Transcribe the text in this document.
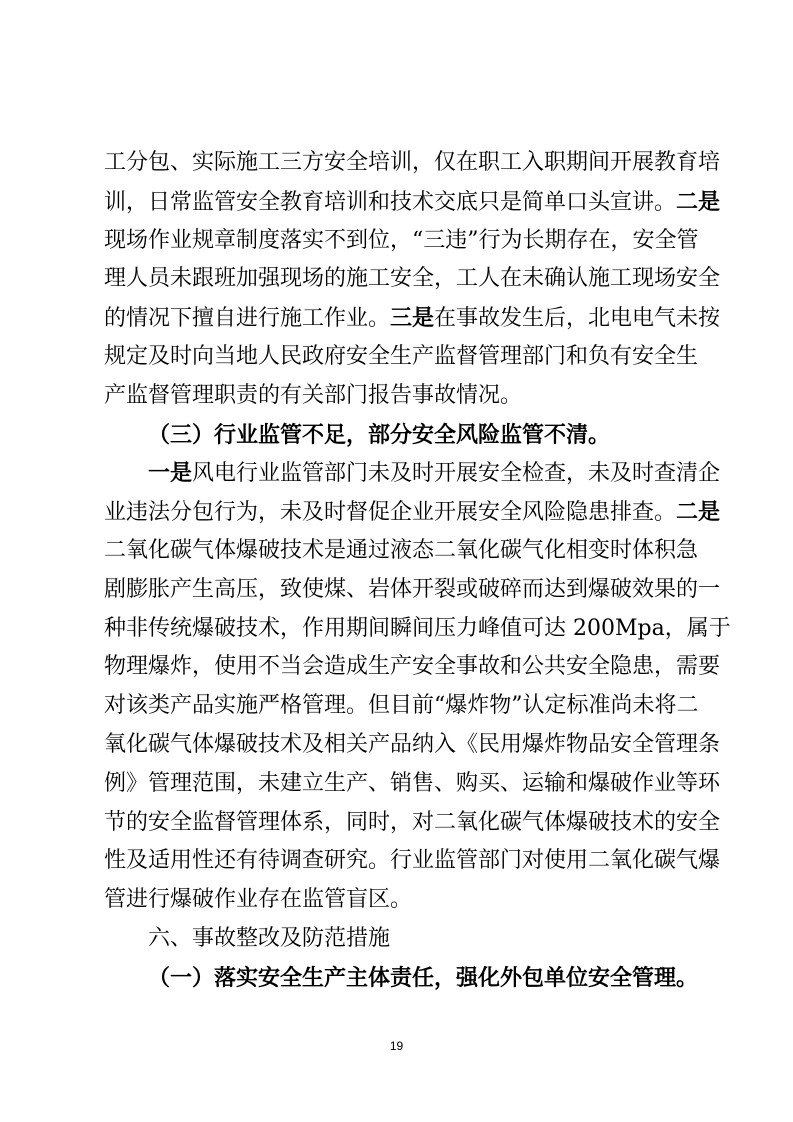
工分包、实际施工三方安全培训，仅在职工入职期间开展教育培
训，日常监管安全教育培训和技术交底只是简单口头宣讲。二是
现场作业规章制度落实不到位，“三违”行为长期存在，安全管
理人员未跟班加强现场的施工安全，工人在未确认施工现场安全
的情况下擅自进行施工作业。三是在事故发生后，北电电气未按
规定及时向当地人民政府安全生产监督管理部门和负有安全生
产监督管理职责的有关部门报告事故情况。
（三）行业监管不足，部分安全风险监管不清。
一是风电行业监管部门未及时开展安全检查，未及时查清企
业违法分包行为，未及时督促企业开展安全风险隐患排查。二是
二氧化碳气体爆破技术是通过液态二氧化碳气化相变时体积急
剧膨胀产生高压，致使煤、岩体开裂或破碎而达到爆破效果的一
种非传统爆破技术，作用期间瞬间压力峰值可达 200Mpa，属于
物理爆炸，使用不当会造成生产安全事故和公共安全隐患，需要
对该类产品实施严格管理。但目前“爆炸物”认定标准尚未将二
氧化碳气体爆破技术及相关产品纳入《民用爆炸物品安全管理条
例》管理范围，未建立生产、销售、购买、运输和爆破作业等环
节的安全监督管理体系，同时，对二氧化碳气体爆破技术的安全
性及适用性还有待调查研究。行业监管部门对使用二氧化碳气爆
管进行爆破作业存在监管盲区。
六、事故整改及防范措施
（一）落实安全生产主体责任，强化外包单位安全管理。
19
